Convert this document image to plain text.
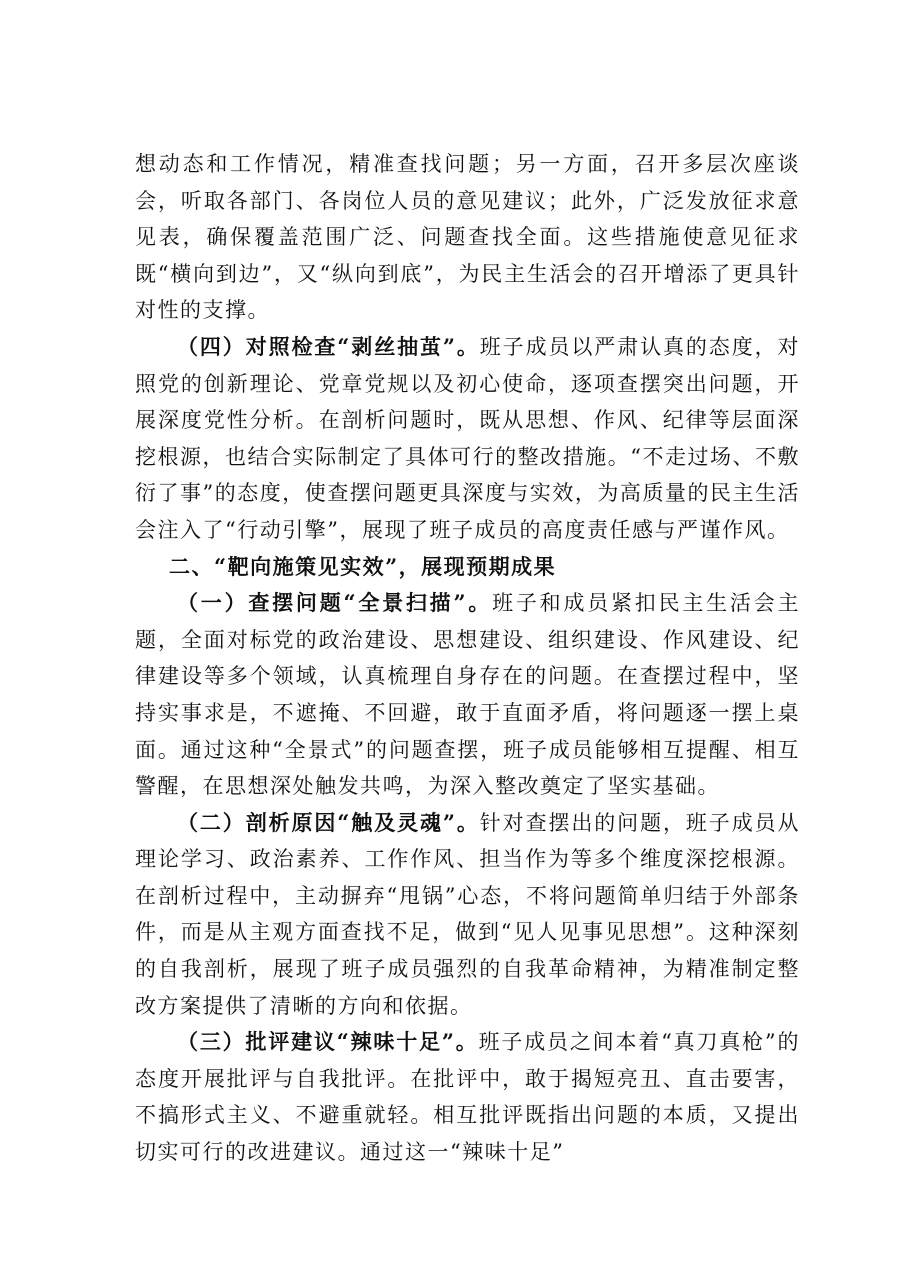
想动态和工作情况，精准查找问题；另一方面，召开多层次座谈会，听取各部门、各岗位人员的意见建议；此外，广泛发放征求意见表，确保覆盖范围广泛、问题查找全面。这些措施使意见征求既“横向到边”，又“纵向到底”，为民主生活会的召开增添了更具针对性的支撑。

（四）对照检查“剥丝抽茧”。班子成员以严肃认真的态度，对照党的创新理论、党章党规以及初心使命，逐项查摆突出问题，开展深度党性分析。在剖析问题时，既从思想、作风、纪律等层面深挖根源，也结合实际制定了具体可行的整改措施。“不走过场、不敷衍了事”的态度，使查摆问题更具深度与实效，为高质量的民主生活会注入了“行动引擎”，展现了班子成员的高度责任感与严谨作风。

二、“靶向施策见实效”，展现预期成果

（一）查摆问题“全景扫描”。班子和成员紧扣民主生活会主题，全面对标党的政治建设、思想建设、组织建设、作风建设、纪律建设等多个领域，认真梳理自身存在的问题。在查摆过程中，坚持实事求是，不遮掩、不回避，敢于直面矛盾，将问题逐一摆上桌面。通过这种“全景式”的问题查摆，班子成员能够相互提醒、相互警醒，在思想深处触发共鸣，为深入整改奠定了坚实基础。

（二）剖析原因“触及灵魂”。针对查摆出的问题，班子成员从理论学习、政治素养、工作作风、担当作为等多个维度深挖根源。在剖析过程中，主动摒弃“甩锅”心态，不将问题简单归结于外部条件，而是从主观方面查找不足，做到“见人见事见思想”。这种深刻的自我剖析，展现了班子成员强烈的自我革命精神，为精准制定整改方案提供了清晰的方向和依据。

（三）批评建议“辣味十足”。班子成员之间本着“真刀真枪”的态度开展批评与自我批评。在批评中，敢于揭短亮丑、直击要害，不搞形式主义、不避重就轻。相互批评既指出问题的本质，又提出切实可行的改进建议。通过这一“辣味十足”
